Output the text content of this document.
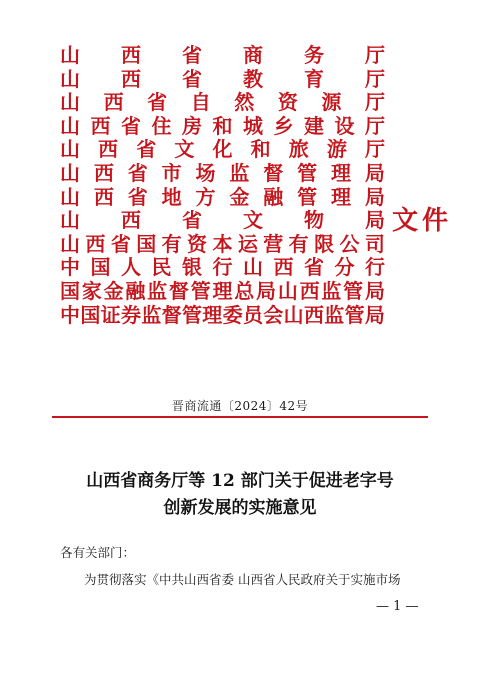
山 西 省 商 务 厅
山 西 省 教 育 厅
山 西 省 自 然 资 源 厅
山 西 省 住 房 和 城 乡 建 设 厅
山 西 省 文 化 和 旅 游 厅
山 西 省 市 场 监 督 管 理 局
山 西 省 地 方 金 融 管 理 局
山 西 省 文 物 局
山 西 省 国 有 资 本 运 营 有 限 公 司
中 国 人 民 银 行 山 西 省 分 行
国 家 金 融 监 督 管 理 总 局 山 西 监 管 局
中 国 证 券 监 督 管 理 委 员 会 山 西 监 管 局
文件
晋商流通〔2024〕42号
山西省商务厅等 12 部门关于促进老字号
创新发展的实施意见
各有关部门：
为贯彻落实《中共山西省委 山西省人民政府关于实施市场
— 1 —
